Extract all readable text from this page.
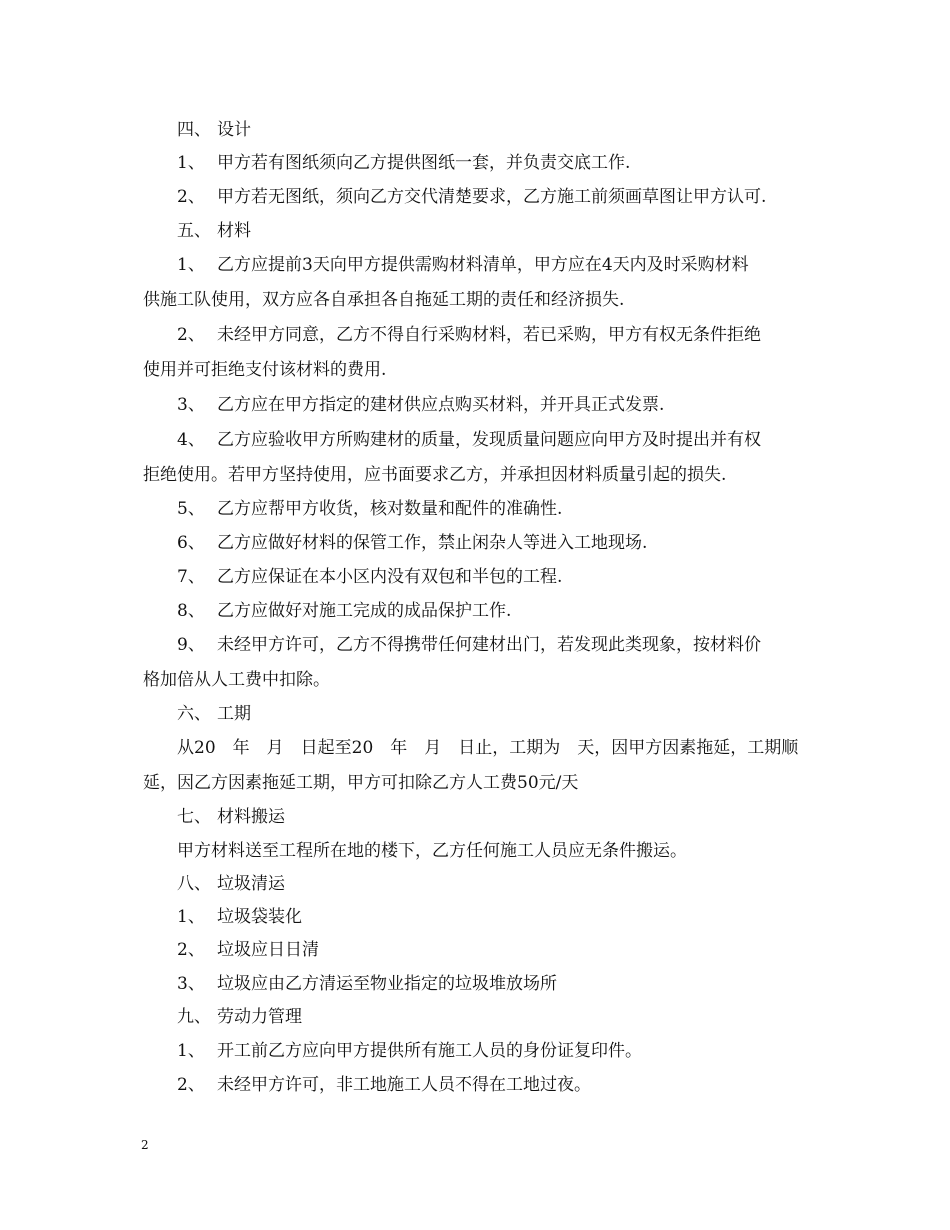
四、 设计
1、 甲方若有图纸须向乙方提供图纸一套，并负责交底工作.
2、 甲方若无图纸，须向乙方交代清楚要求，乙方施工前须画草图让甲方认可.
五、 材料
1、 乙方应提前3天向甲方提供需购材料清单，甲方应在4天内及时采购材料
供施工队使用，双方应各自承担各自拖延工期的责任和经济损失.
2、 未经甲方同意，乙方不得自行采购材料，若已采购，甲方有权无条件拒绝
使用并可拒绝支付该材料的费用.
3、 乙方应在甲方指定的建材供应点购买材料，并开具正式发票.
4、 乙方应验收甲方所购建材的质量，发现质量问题应向甲方及时提出并有权
拒绝使用。若甲方坚持使用，应书面要求乙方，并承担因材料质量引起的损失.
5、 乙方应帮甲方收货，核对数量和配件的准确性.
6、 乙方应做好材料的保管工作，禁止闲杂人等进入工地现场.
7、 乙方应保证在本小区内没有双包和半包的工程.
8、 乙方应做好对施工完成的成品保护工作.
9、 未经甲方许可，乙方不得携带任何建材出门，若发现此类现象，按材料价
格加倍从人工费中扣除。
六、 工期
从20　年　月　日起至20　年　月　日止，工期为　天，因甲方因素拖延，工期顺
延，因乙方因素拖延工期，甲方可扣除乙方人工费50元/天
七、 材料搬运
甲方材料送至工程所在地的楼下，乙方任何施工人员应无条件搬运。
八、 垃圾清运
1、 垃圾袋装化
2、 垃圾应日日清
3、 垃圾应由乙方清运至物业指定的垃圾堆放场所
九、 劳动力管理
1、 开工前乙方应向甲方提供所有施工人员的身份证复印件。
2、 未经甲方许可，非工地施工人员不得在工地过夜。
2
